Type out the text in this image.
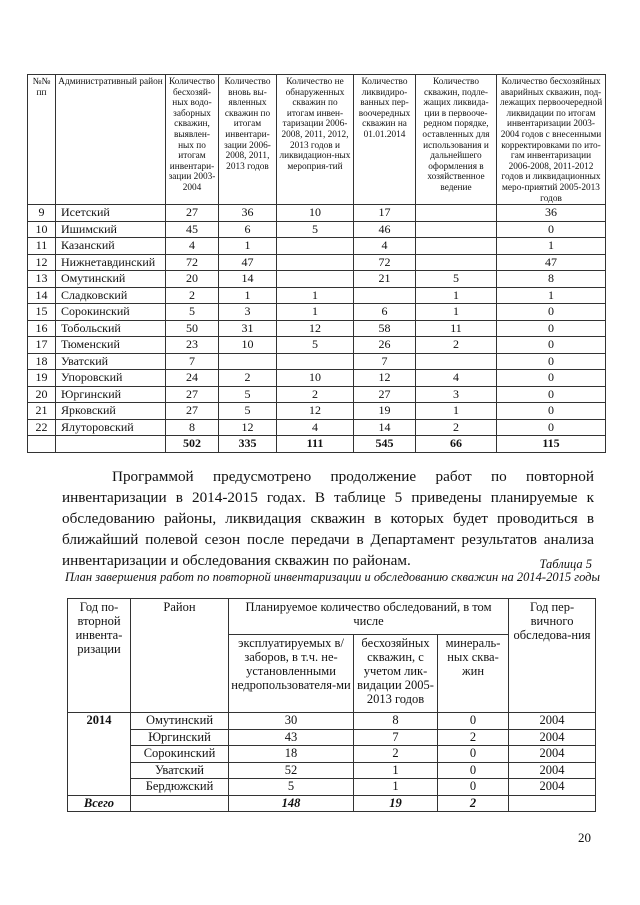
№№ пп	Административный район	Количество бесхозяй-ных водо-заборных скважин, выявлен-ных по итогам инвентари-зации 2003-2004	Количество вновь вы-явленных скважин по итогам инвентари-зации 2006-2008, 2011, 2013 годов	Количество не обнаруженных скважин по итогам инвен-таризации 2006-2008, 2011, 2012, 2013 годов и ликвидацион-ных мероприя-тий	Количество ликвидиро-ванных пер-воочередных скважин на 01.01.2014	Количество скважин, подле-жащих ликвида-ции в первооче-редном порядке, оставленных для использования и дальнейшего оформления в хозяйственное ведение	Количество бесхозяйных аварийных скважин, под-лежащих первоочередной ликвидации по итогам инвентаризации 2003-2004 годов с внесенными корректировками по ито-гам инвентаризации 2006-2008, 2011-2012 годов и ликвидационных меро-приятий 2005-2013 годов
9	Исетский	27	36	10	17		36
10	Ишимский	45	6	5	46		0
11	Казанский	4	1		4		1
12	Нижнетавдинский	72	47		72		47
13	Омутинский	20	14		21	5	8
14	Сладковский	2	1	1		1	1
15	Сорокинский	5	3	1	6	1	0
16	Тобольский	50	31	12	58	11	0
17	Тюменский	23	10	5	26	2	0
18	Уватский	7			7		0
19	Упоровский	24	2	10	12	4	0
20	Юргинский	27	5	2	27	3	0
21	Ярковский	27	5	12	19	1	0
22	Ялуторовский	8	12	4	14	2	0
		502	335	111	545	66	115

Программой предусмотрено продолжение работ по повторной инвентаризации в 2014-2015 годах. В таблице 5 приведены планируемые к обследованию районы, ликвидация скважин в которых будет проводиться в ближайший полевой сезон после передачи в Департамент результатов анализа инвентаризации и обследования скважин по районам.	Таблица 5
План завершения работ по повторной инвентаризации и обследованию скважин на 2014-2015 годы
Год по-вторной инвента-ризации	Район	Планируемое количество обследований, в том числе			Год пер-вичного обследова-ния
		эксплуатируемых в/заборов, в т.ч. не-установленными недропользователя-ми	бесхозяйных скважин, с учетом лик-видации 2005-2013 годов	минераль-ных сква-жин	
2014	Омутинский	30	8	0	2004
	Юргинский	43	7	2	2004
	Сорокинский	18	2	0	2004
	Уватский	52	1	0	2004
	Бердюжский	5	1	0	2004
Всего		148	19	2	
20
